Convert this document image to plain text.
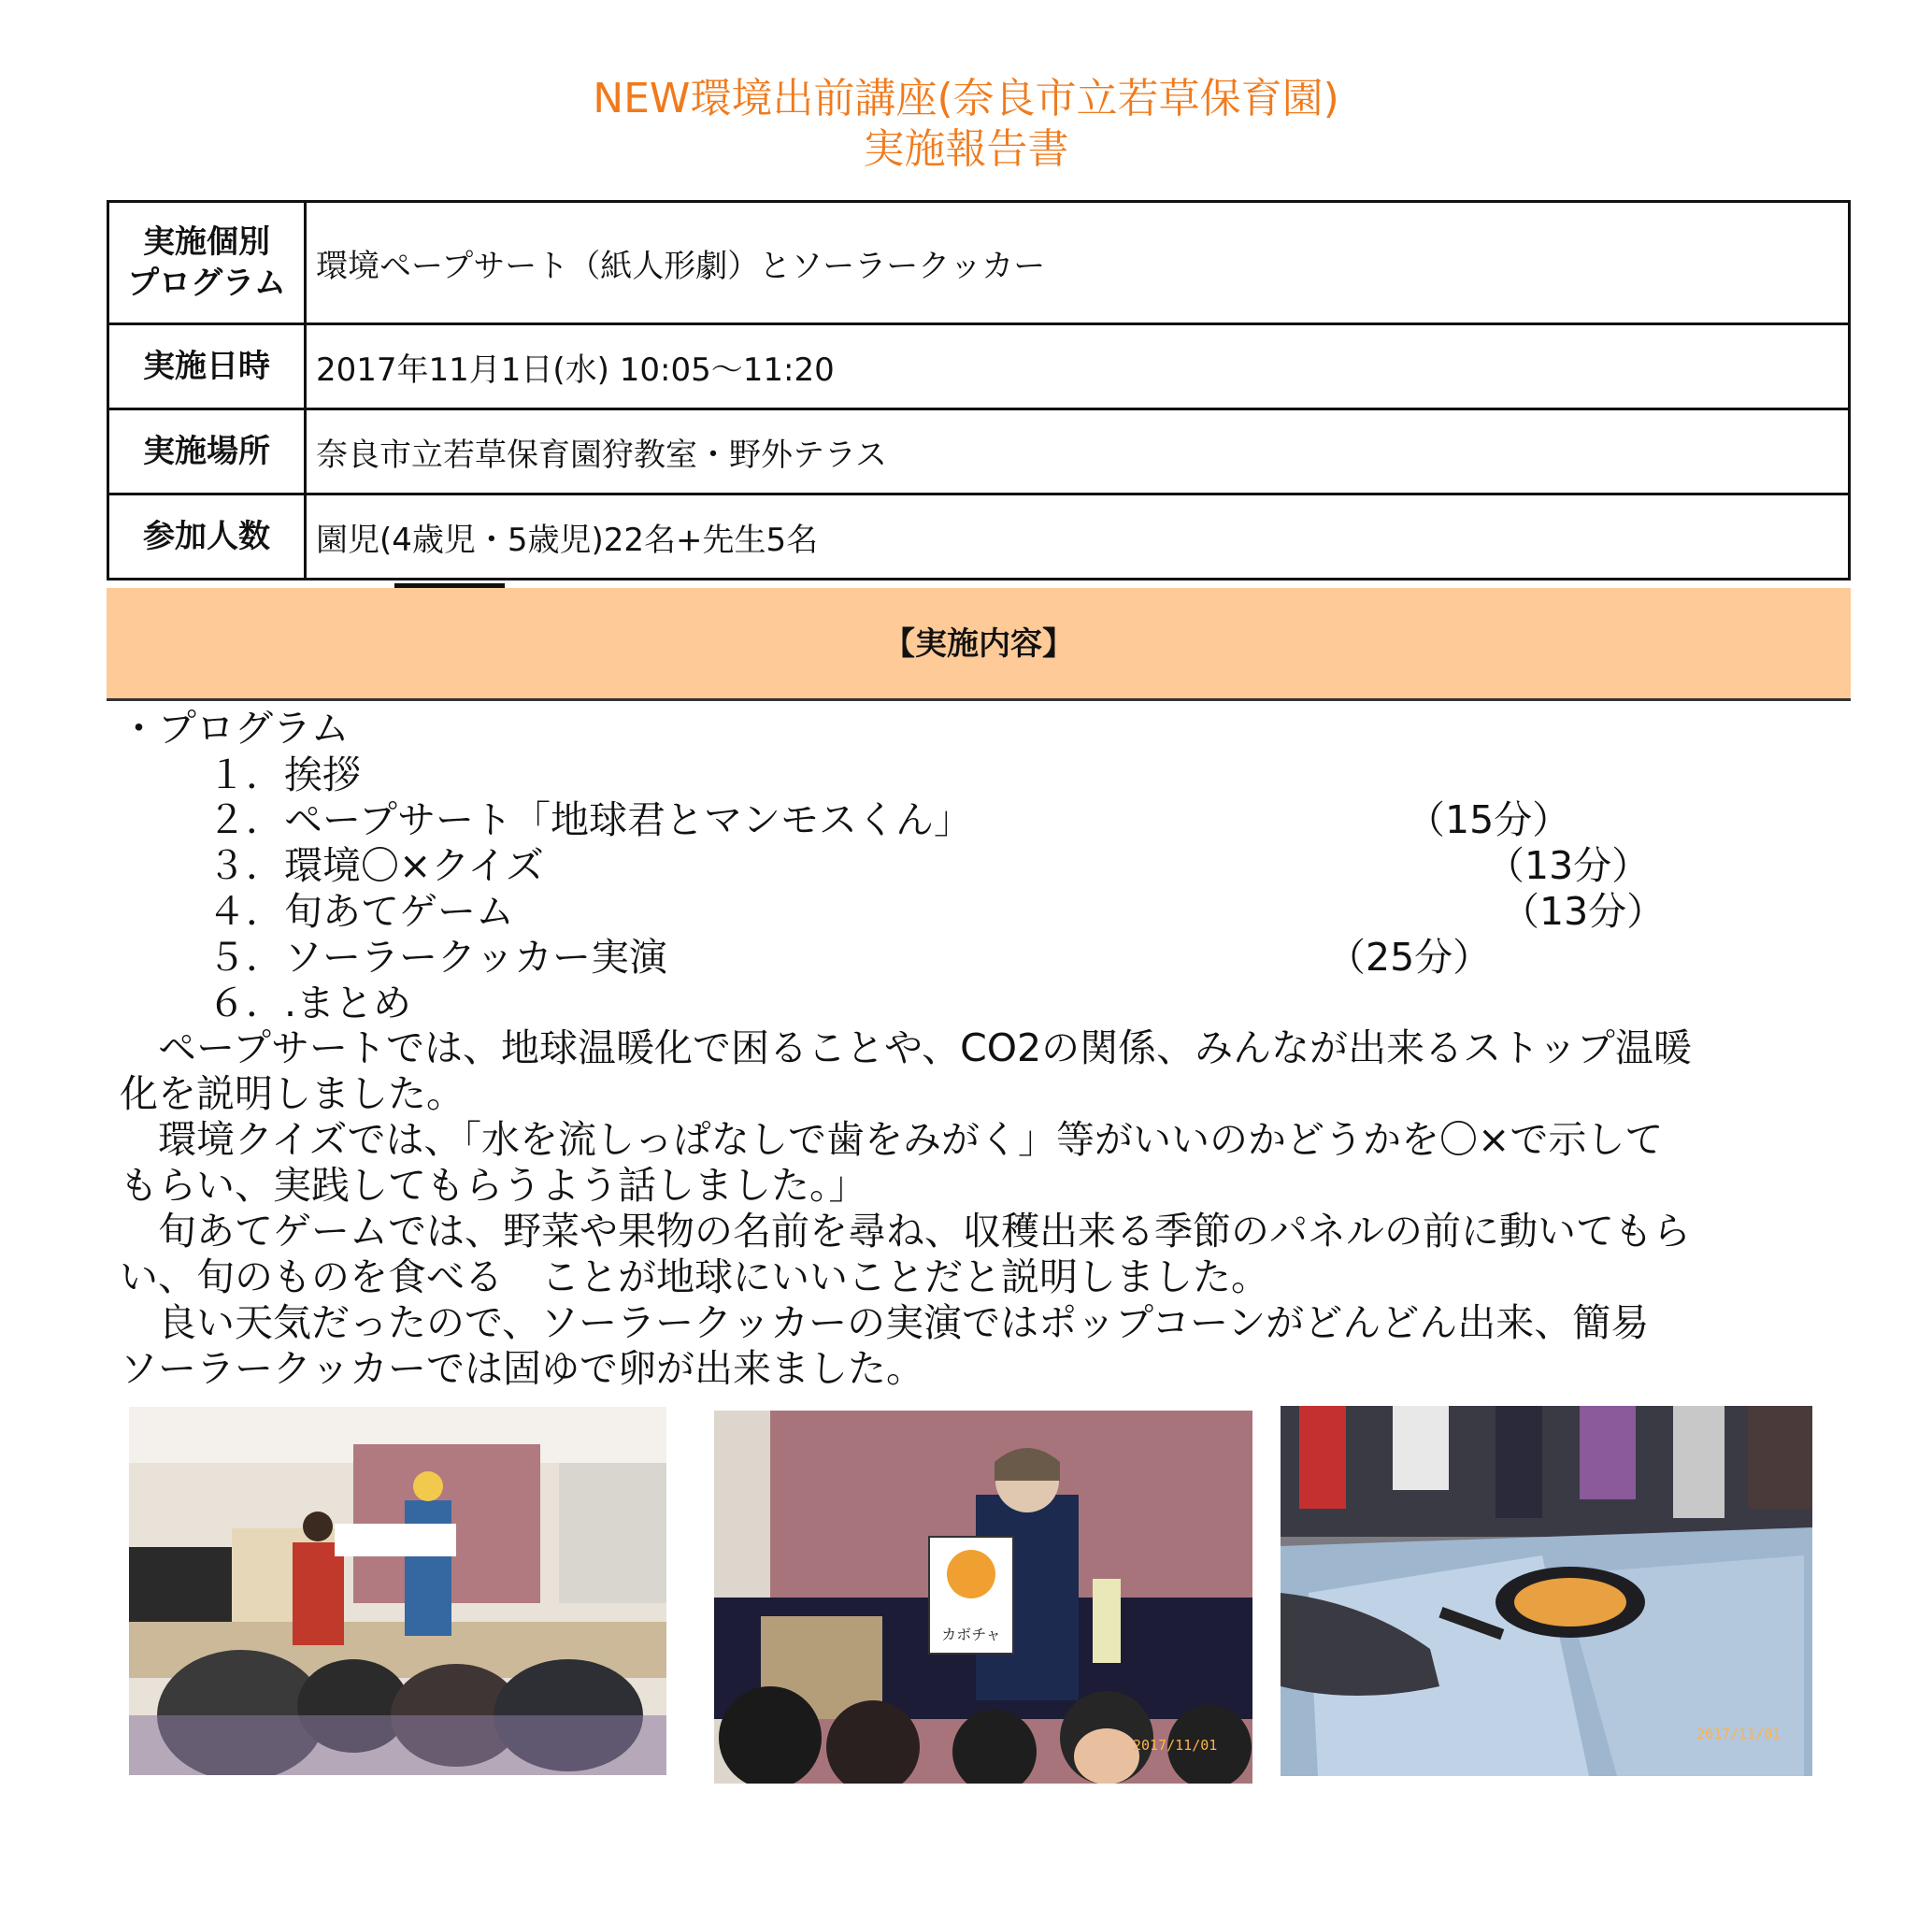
NEW環境出前講座(奈良市立若草保育園)
実施報告書
実施個別
プログラム	環境ペープサート（紙人形劇）とソーラークッカー
実施日時	2017年11月1日(水) 10:05～11:20
実施場所	奈良市立若草保育園狩教室・野外テラス
参加人数	園児(4歳児・5歳児)22名+先生5名
【実施内容】
・プログラム
１．挨拶
２．ペープサート「地球君とマンモスくん」	（15分）
３．環境〇×クイズ	（13分）
４．旬あてゲーム	（13分）
５．ソーラークッカー実演	（25分）
６．.まとめ
　ペープサートでは、地球温暖化で困ることや、CO2の関係、みんなが出来るストップ温暖
化を説明しました。
　環境クイズでは、「水を流しっぱなしで歯をみがく」等がいいのかどうかを〇×で示して
もらい、実践してもらうよう話しました。」
　旬あてゲームでは、野菜や果物の名前を尋ね、収穫出来る季節のパネルの前に動いてもら
い、旬のものを食べる　ことが地球にいいことだと説明しました。
　良い天気だったので、ソーラークッカーの実演ではポップコーンがどんどん出来、簡易
ソーラークッカーでは固ゆで卵が出来ました。
カボチャ
2017/11/01
2017/11/01
